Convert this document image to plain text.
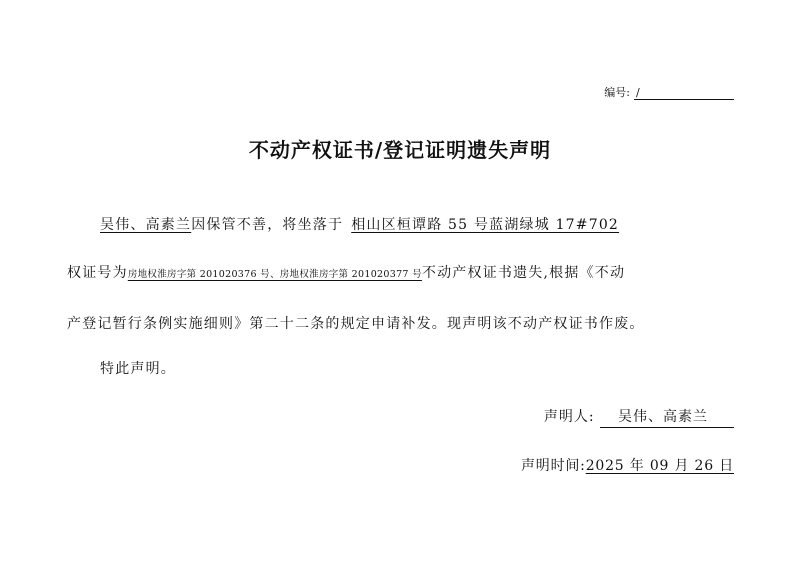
编号: /
不动产权证书/登记证明遗失声明
吴伟、高素兰因保管不善，将坐落于 相山区桓谭路 55 号蓝湖绿城 17#702
权证号为房地权淮房字第 201020376 号、房地权淮房字第 201020377 号不动产权证书遗失,根据《不动
产登记暂行条例实施细则》第二十二条的规定申请补发。现声明该不动产权证书作废。
特此声明。
声明人: 吴伟、高素兰
声明时间:2025 年 09 月 26 日
